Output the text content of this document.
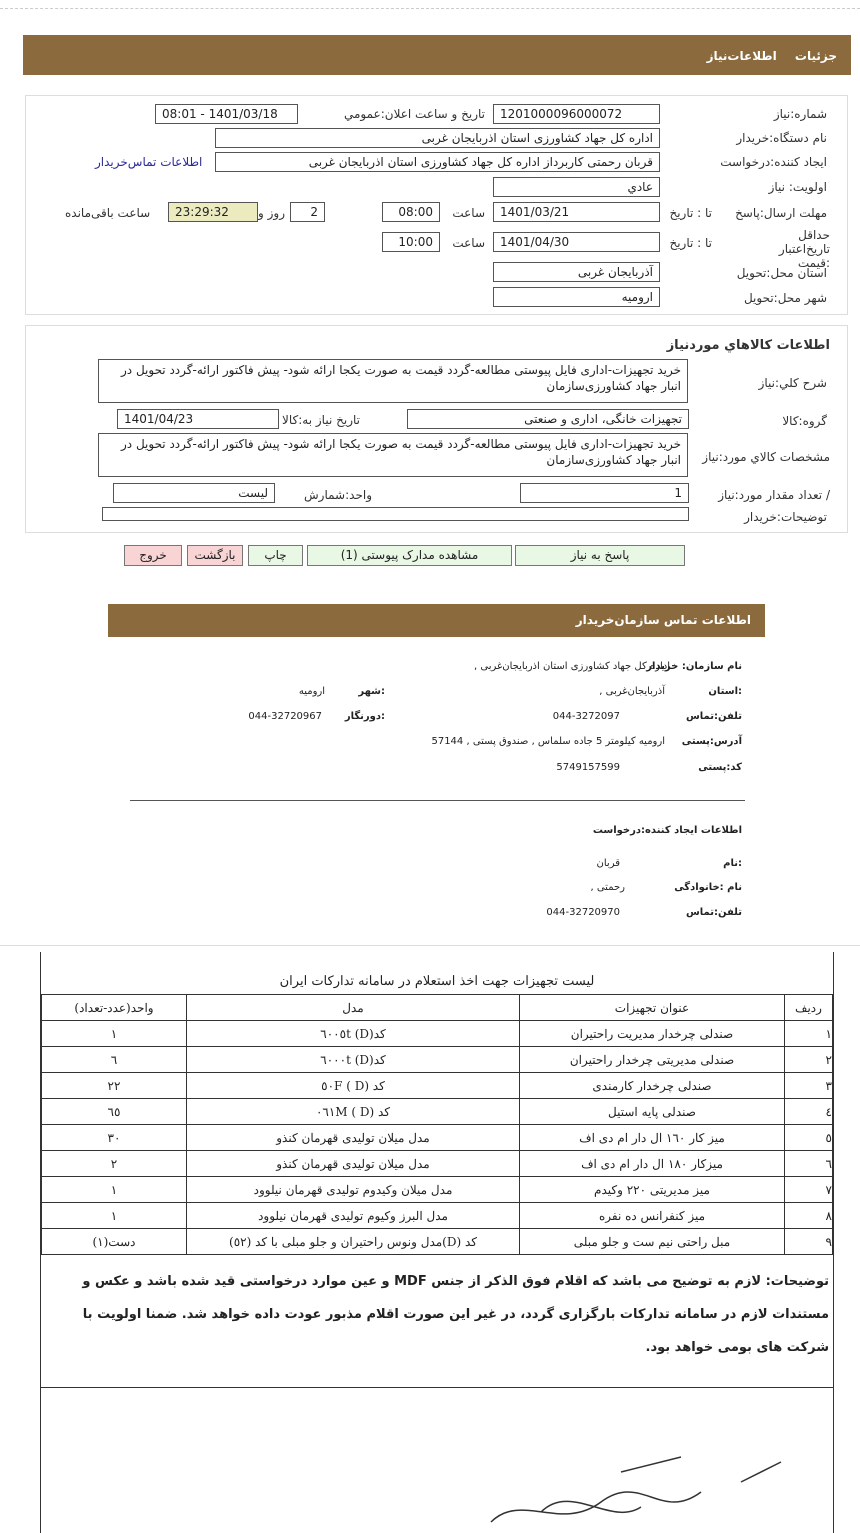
جزئیات اطلاعات‌نیاز
شماره:نیاز
1201000096000072
تاریخ و ساعت اعلان:عمومي
1401/03/18 - 08:01
نام دستگاه:خریدار
اداره کل جهاد کشاورزی استان اذربایجان غربی
ایجاد کننده:درخواست
قربان رحمتی کاربرداز اداره کل جهاد کشاورزی استان اذربایجان غربی
اطلاعات تماس‌خریدار
اولویت: نیاز
عادي
مهلت ارسال:پاسخ
تا : تاریخ
1401/03/21
ساعت
08:00
2
روز و
23:29:32
ساعت باقی‌مانده
حداقل تاریخ‌اعتبار :قیمت
تا : تاریخ
1401/04/30
ساعت
10:00
استان محل:تحویل
آذربایجان غربی
شهر محل:تحویل
ارومیه
اطلاعات کالاهاي موردنیاز
شرح کلي:نیاز
خرید تجهیزات-اداری فایل پیوستی مطالعه-گردد قیمت به صورت یکجا ارائه شود- پیش فاکتور ارائه-گردد تحویل در انبار جهاد کشاورزی‌سازمان
گروه:کالا
تجهیزات خانگی، اداری و صنعتی
تاریخ نیاز به:کالا
1401/04/23
مشخصات کالاي مورد:نیاز
خرید تجهیزات-اداری فایل پیوستی مطالعه-گردد قیمت به صورت یکجا ارائه شود- پیش فاکتور ارائه-گردد تحویل در انبار جهاد کشاورزی‌سازمان
/ تعداد مقدار مورد:نیاز
1
واحد:شمارش
لیست
توضیحات:خریدار
پاسخ به نیاز
مشاهده مدارک پیوستی (1)
چاپ
بازگشت
خروج
اطلاعات تماس سازمان‌خریدار
نام سازمان: خریدار
اداره کل جهاد کشاورزی استان اذربایجان‌غربی ,
:استان
آذربایجان‌غربی ,
:شهر
ارومیه
تلفن:تماس
044-3272097
:دورنگار
044-32720967
آدرس:پستی
ارومیه کیلومتر 5 جاده سلماس , صندوق پستی , 57144
کد:پستی
5749157599
اطلاعات ایجاد کننده:درخواست
:نام
قربان
نام :خانوادگی
رحمتی ,
تلفن:تماس
044-32720970
لیست تجهیزات جهت اخذ استعلام در سامانه تدارکات ایران
ردیف	عنوان تجهیزات	مدل	واحد(عدد-تعداد)
١	صندلی چرخدار مدیریت راحتیران	کد(D) ٦٠٠٥t	١
٢	صندلی مدیریتی چرخدار راحتیران	کد(D) ٦٠٠٠t	٦
٣	صندلی چرخدار کارمندی	کد (D ) ٥٠F	٢٢
٤	صندلی پایه استیل	کد (D ) ٠٦١M	٦٥
٥	میز کار ١٦٠ ال دار ام دی اف	مدل میلان تولیدی قهرمان کنذو	٣٠
٦	میزکار ١٨٠ ال دار ام دی اف	مدل میلان تولیدی قهرمان کنذو	٢
٧	میز مدیریتی ٢٢٠ وکیدم	مدل میلان وکیدوم تولیدی قهرمان نیلوود	١
٨	میز کنفرانس ده نفره	مدل البرز وکیوم تولیدی قهرمان نیلوود	١
٩	مبل راحتی نیم ست و جلو مبلی	کد (D)مدل ونوس راحتیران و جلو مبلی با کد (٥٢)	دست(١)
توضیحات: لازم به توضیح می باشد که اقلام فوق الذکر از جنس MDF و عین موارد درخواستی قید شده باشد و عکس و مستندات لازم در سامانه تدارکات بارگزاری گردد، در غیر این صورت اقلام مذبور عودت داده خواهد شد. ضمنا اولویت با شرکت های بومی خواهد بود.
